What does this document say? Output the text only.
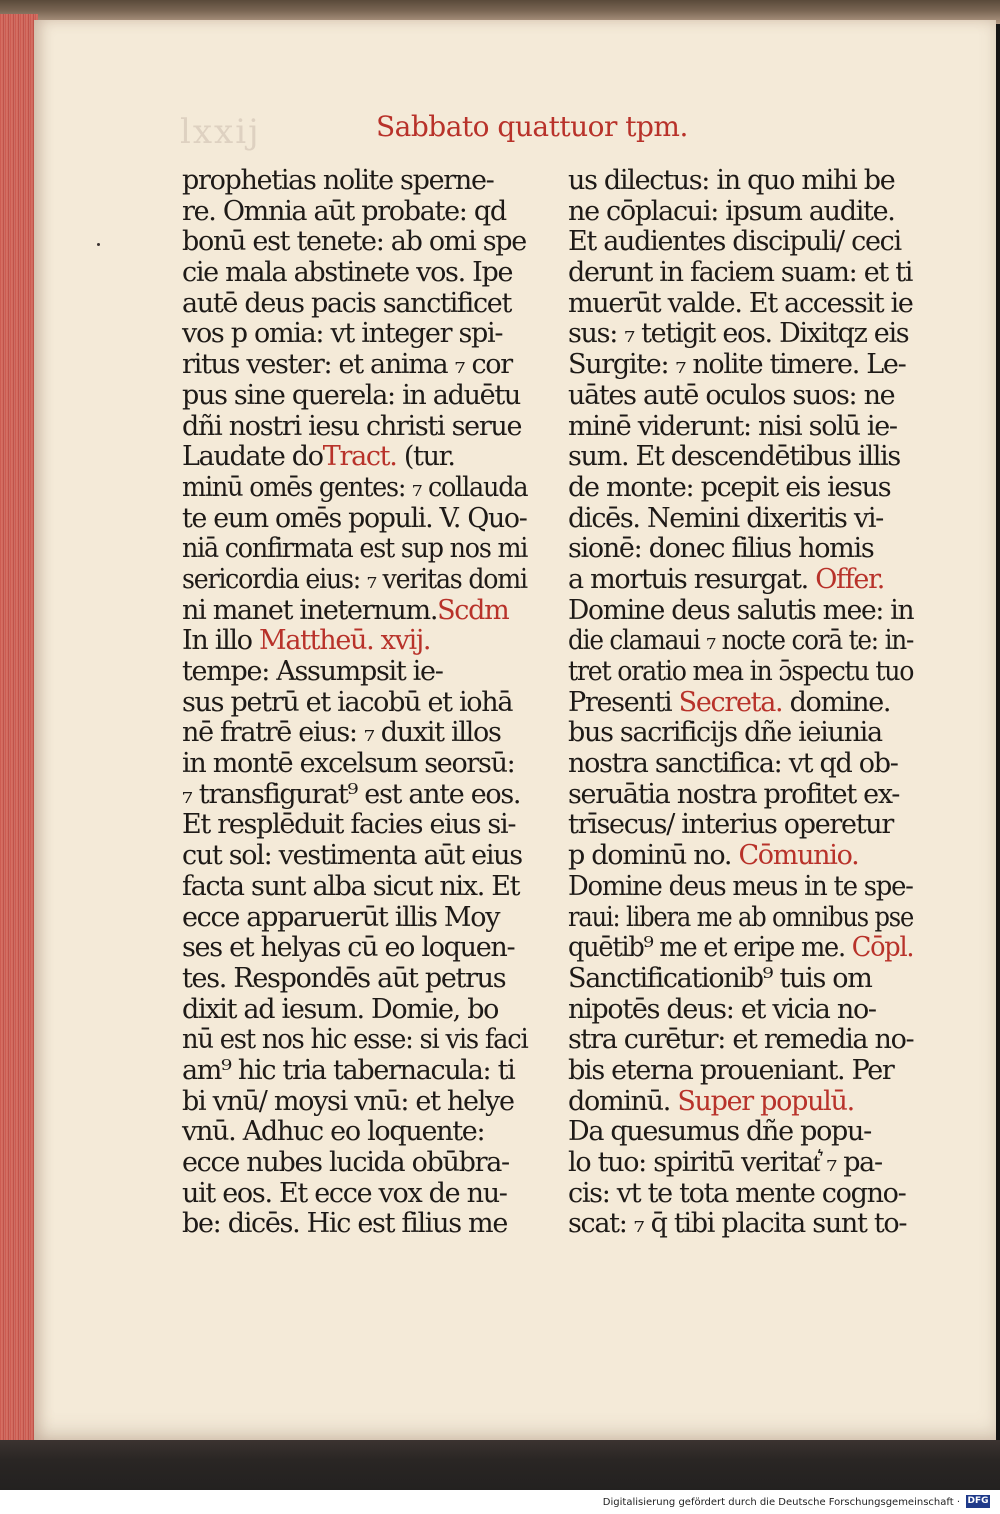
lxxij	Sabbato quattuor tpm.
prophetias nolite sperne-
re. Omnia aūt probate: qd
bonū est tenete: ab omi spe
cie mala abstinete vos. Ipe
autē deus pacis sanctificet
vos p omia: vt integer spi-
ritus vester: et anima ₇ cor
pus sine querela: in aduētu
dñi nostri iesu christi serue
Laudate doTract. (tur.
minū omēs gentes: ₇ collauda
te eum omēs populi. V. Quo-
niā confirmata est sup nos mi
sericordia eius: ₇ veritas domi
ni manet ineternum.Scdm
In illo Mattheū. xvij.
tempe: Assumpsit ie-
sus petrū et iacobū et iohā
nē fratrē eius: ₇ duxit illos
in montē excelsum seorsū:
₇ transfigurat⁹ est ante eos.
Et resplēduit facies eius si-
cut sol: vestimenta aūt eius
facta sunt alba sicut nix. Et
ecce apparuerūt illis Moy
ses et helyas cū eo loquen-
tes. Respondēs aūt petrus
dixit ad iesum. Domie, bo
nū est nos hic esse: si vis faci
am⁹ hic tria tabernacula: ti
bi vnū/ moysi vnū: et helye
vnū. Adhuc eo loquente:
ecce nubes lucida obūbra-
uit eos. Et ecce vox de nu-
be: dicēs. Hic est filius me
us dilectus: in quo mihi be
ne cōplacui: ipsum audite.
Et audientes discipuli/ ceci
derunt in faciem suam: et ti
muerūt valde. Et accessit ie
sus: ₇ tetigit eos. Dixitqz eis
Surgite: ₇ nolite timere. Le-
uātes autē oculos suos: ne
minē viderunt: nisi solū ie-
sum. Et descendētibus illis
de monte: pcepit eis iesus
dicēs. Nemini dixeritis vi-
sionē: donec filius homis
a mortuis resurgat. Offer.
Domine deus salutis mee: in
die clamaui ₇ nocte corā te: in-
tret oratio mea in ɔ̄spectu tuo
Presenti Secreta. domine.
bus sacrificijs dñe ieiunia
nostra sanctifica: vt qd ob-
seruātia nostra profitet ex-
trīsecus/ interius operetur
p dominū no. Cōmunio.
Domine deus meus in te spe-
raui: libera me ab omnibus pse
quētib⁹ me et eripe me. Cōpl.
Sanctificationib⁹ tuis om
nipotēs deus: et vicia no-
stra curētur: et remedia no-
bis eterna proueniant. Per
dominū. Super populū.
Da quesumus dñe popu-
lo tuo: spiritū veritat͛ ₇ pa-
cis: vt te tota mente cogno-
scat: ₇ q̄ tibi placita sunt to-
Digitalisierung gefördert durch die Deutsche Forschungsgemeinschaft · DFG
